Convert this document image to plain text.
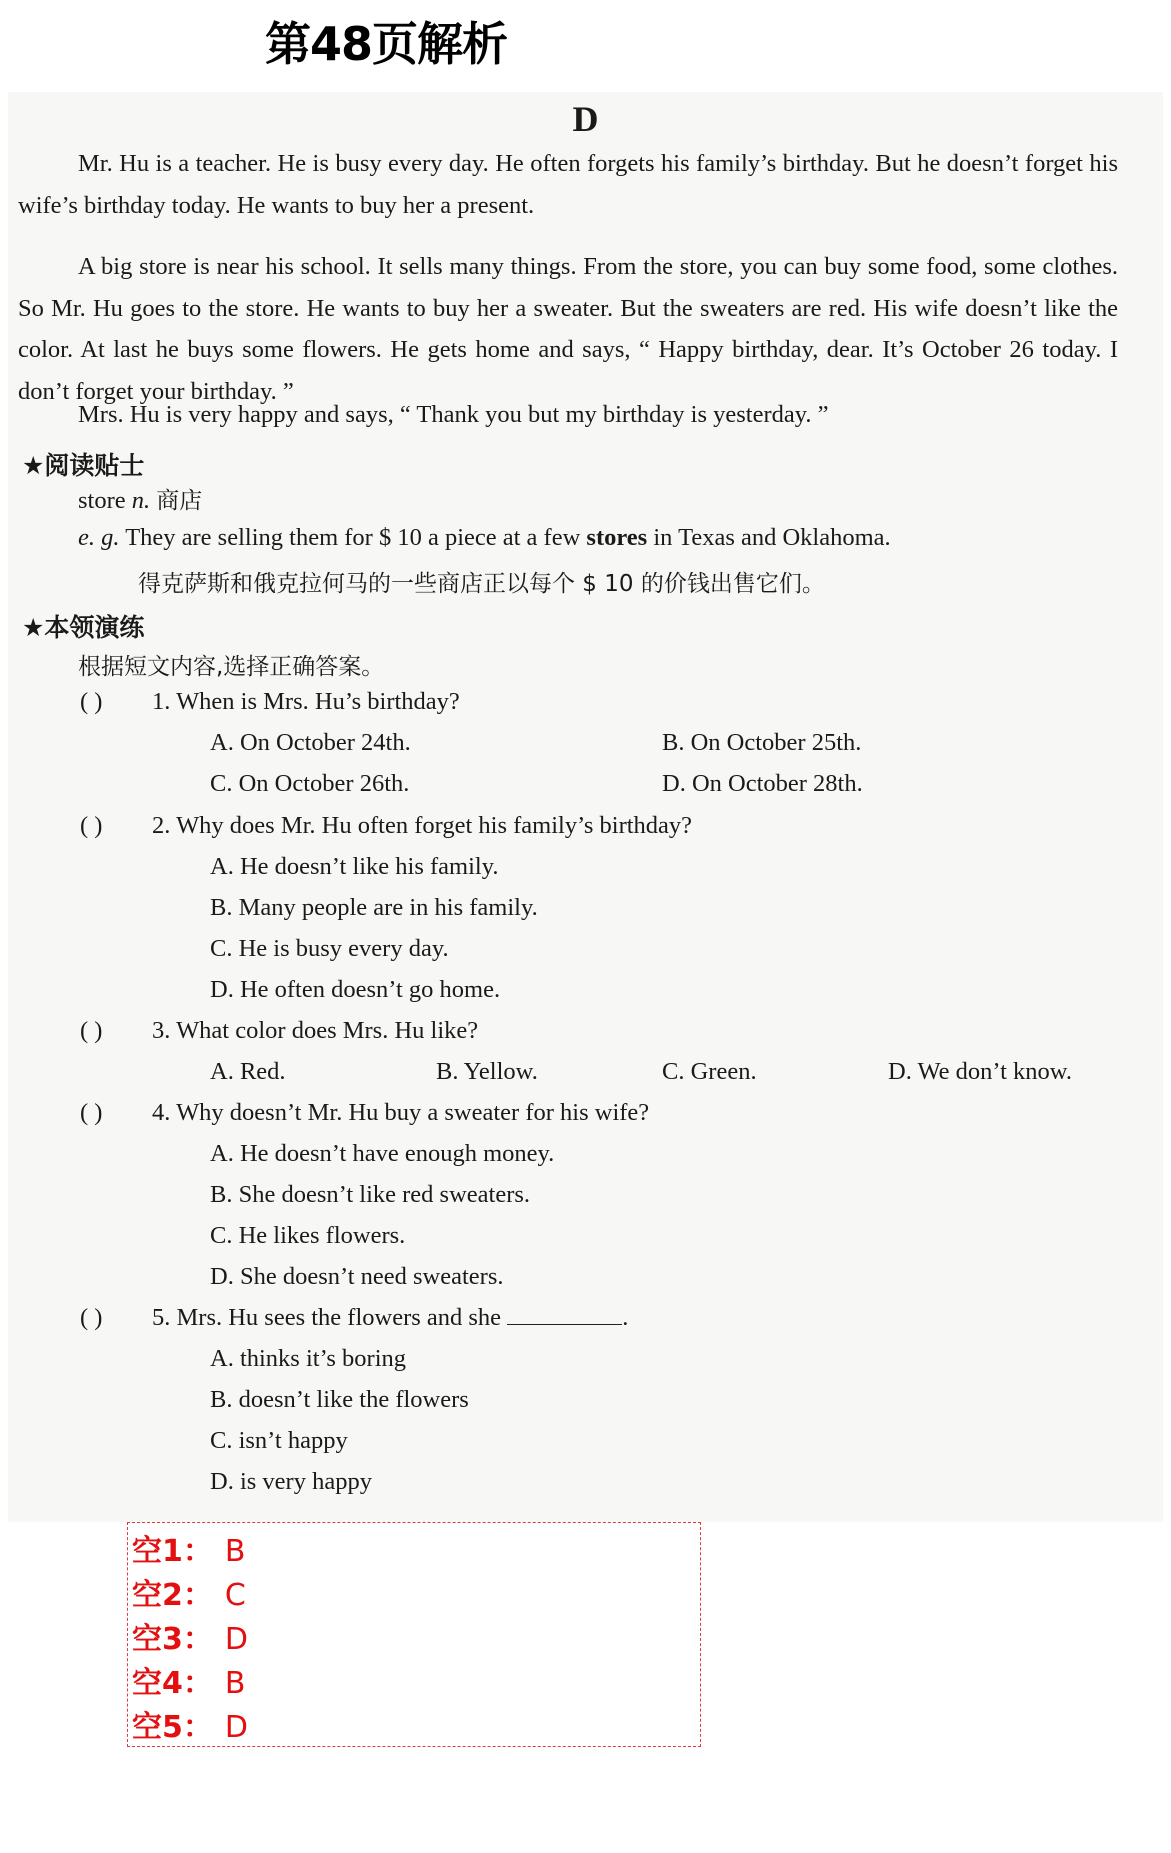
第48页解析
D
Mr. Hu is a teacher. He is busy every day. He often forgets his family’s birthday. But he doesn’t forget his wife’s birthday today. He wants to buy her a present.
A big store is near his school. It sells many things. From the store, you can buy some food, some clothes. So Mr. Hu goes to the store. He wants to buy her a sweater. But the sweaters are red. His wife doesn’t like the color. At last he buys some flowers. He gets home and says, “ Happy birthday, dear. It’s October 26 today. I don’t forget your birthday. ”
Mrs. Hu is very happy and says, “ Thank you but my birthday is yesterday. ”
★阅读贴士
store n. 商店
e. g. They are selling them for $ 10 a piece at a few stores in Texas and Oklahoma.
得克萨斯和俄克拉何马的一些商店正以每个 $ 10 的价钱出售它们。
★本领演练
根据短文内容,选择正确答案。
( ) 1. When is Mrs. Hu’s birthday?
A. On October 24th.	B. On October 25th.
C. On October 26th.	D. On October 28th.
( ) 2. Why does Mr. Hu often forget his family’s birthday?
A. He doesn’t like his family.
B. Many people are in his family.
C. He is busy every day.
D. He often doesn’t go home.
( ) 3. What color does Mrs. Hu like?
A. Red.	B. Yellow.	C. Green.	D. We don’t know.
( ) 4. Why doesn’t Mr. Hu buy a sweater for his wife?
A. He doesn’t have enough money.
B. She doesn’t like red sweaters.
C. He likes flowers.
D. She doesn’t need sweaters.
( ) 5. Mrs. Hu sees the flowers and she	.
A. thinks it’s boring
B. doesn’t like the flowers
C. isn’t happy
D. is very happy
空1： B
空2： C
空3： D
空4： B
空5： D
